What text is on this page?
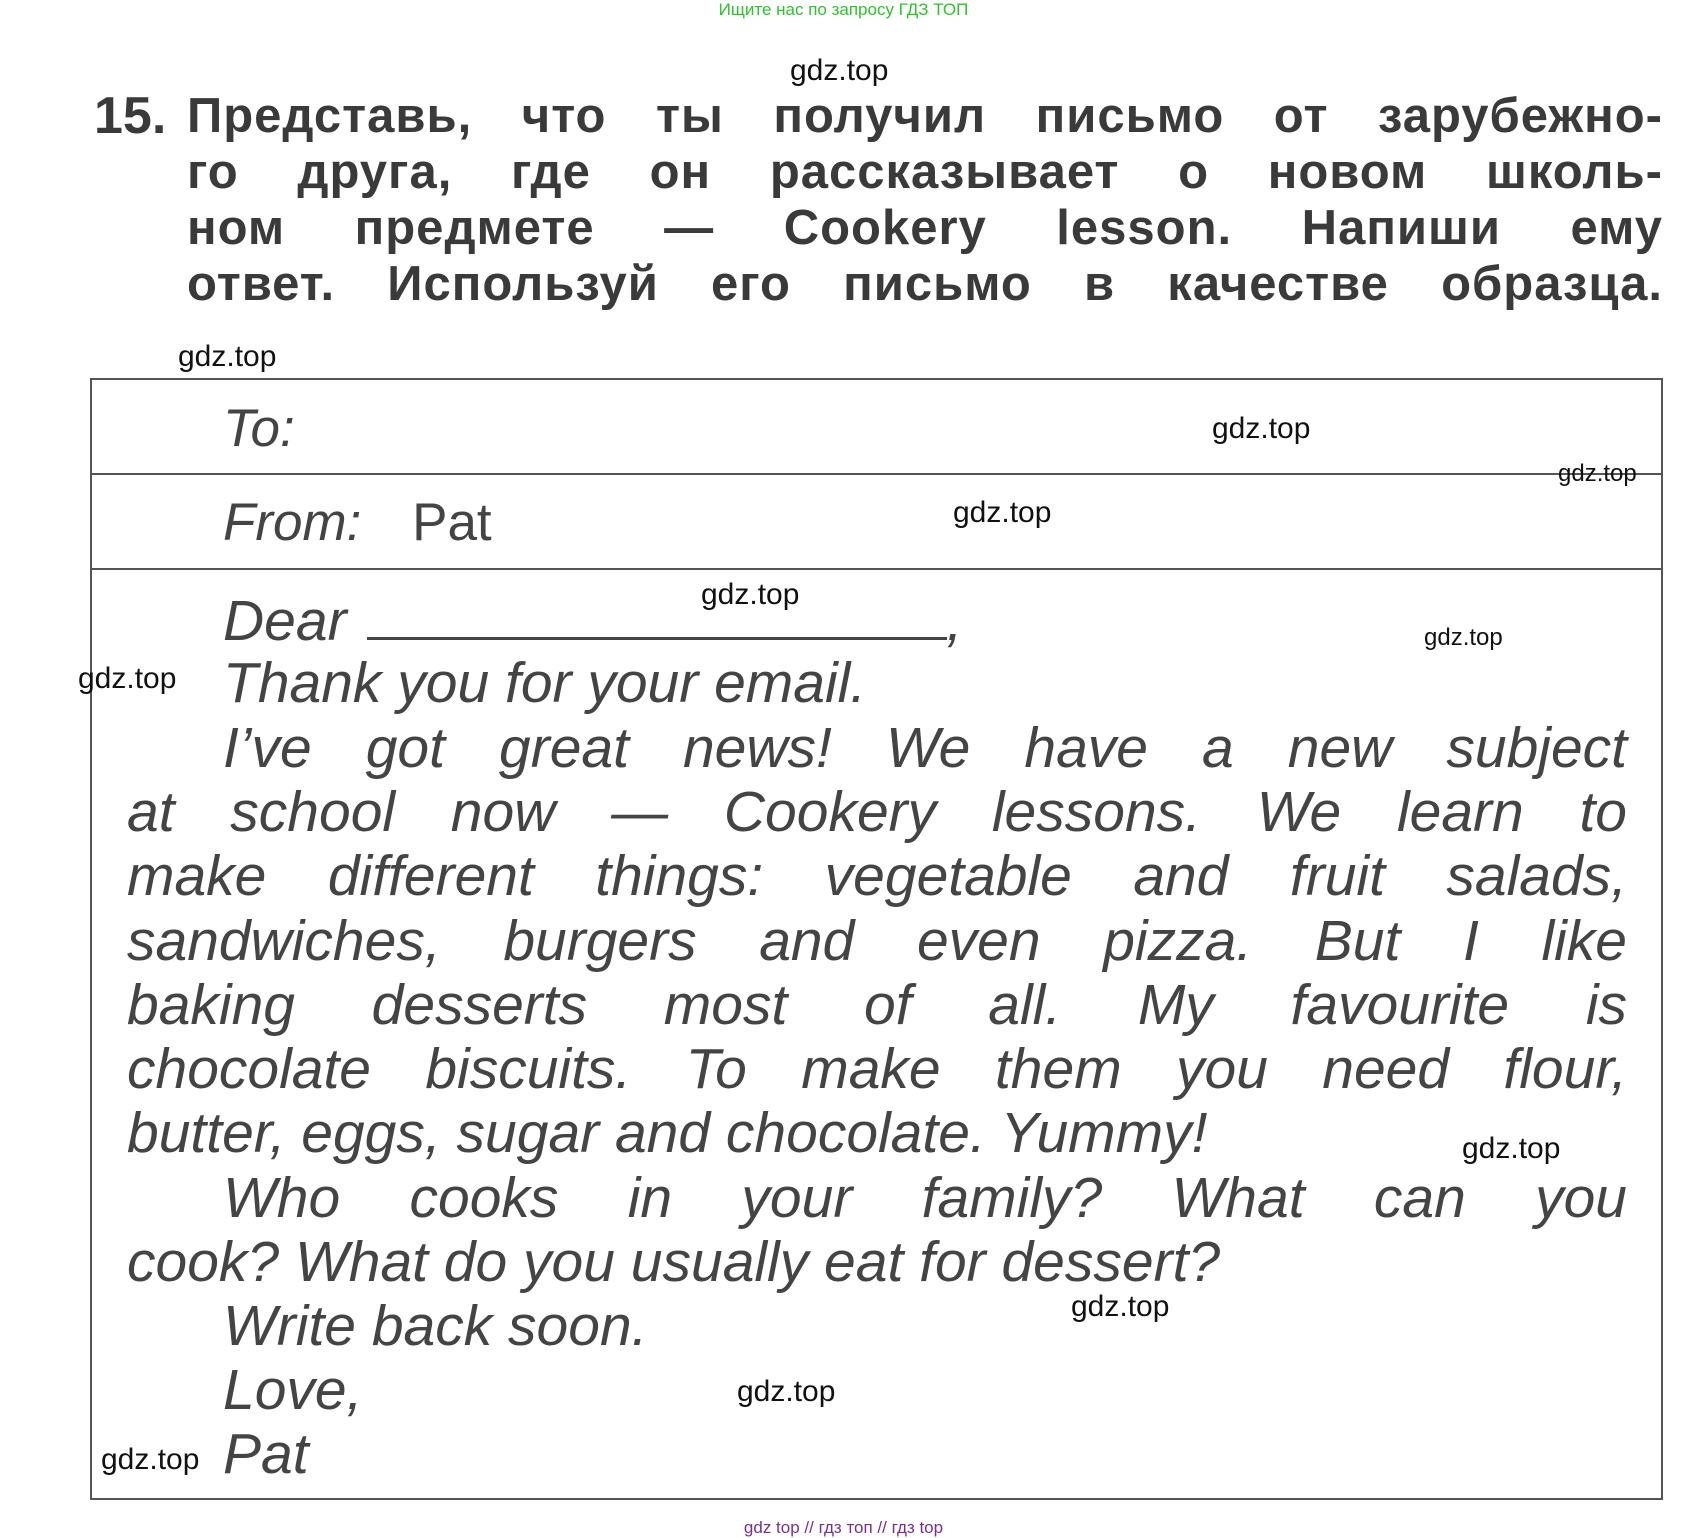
Ищите нас по запросу ГДЗ ТОП
gdz top // гдз топ // гдз top
15. Представь, что ты получил письмо от зарубежно-
го друга, где он рассказывает о новом школь-
ном предмете — Cookery lesson. Напиши ему
ответ. Используй его письмо в качестве образца.
To:
From: Pat
Dear	,
Thank you for your email.
I’ve got great news! We have a new subject
at school now — Cookery lessons. We learn to
make different things: vegetable and fruit salads,
sandwiches, burgers and even pizza. But I like
baking desserts most of all. My favourite is
chocolate biscuits. To make them you need flour,
butter, eggs, sugar and chocolate. Yummy!
Who cooks in your family? What can you
cook? What do you usually eat for dessert?
Write back soon.
Love,
Pat
gdz.top
gdz.top
gdz.top
gdz.top
gdz.top
gdz.top
gdz.top
gdz.top
gdz.top
gdz.top
gdz.top
gdz.top
